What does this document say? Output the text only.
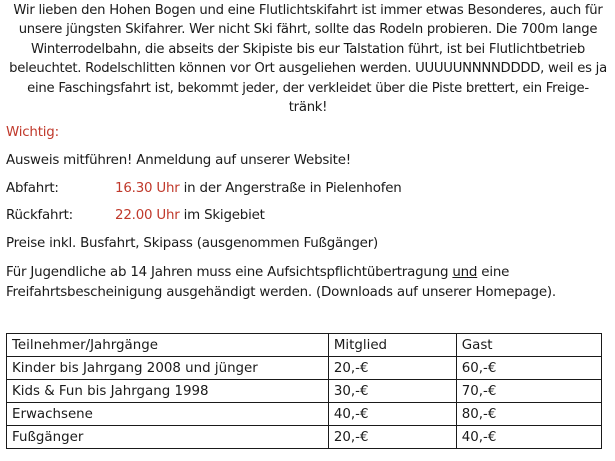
Wir lieben den Hohen Bogen und eine Flutlichtskifahrt ist immer etwas Besonderes, auch für
unsere jüngsten Skifahrer. Wer nicht Ski fährt, sollte das Rodeln probieren. Die 700m lange
Winterrodelbahn, die abseits der Skipiste bis eur Talstation führt, ist bei Flutlichtbetrieb
beleuchtet. Rodelschlitten können vor Ort ausgeliehen werden. UUUUUNNNNDDDD, weil es ja
eine Faschingsfahrt ist, bekommt jeder, der verkleidet über die Piste brettert, ein Freige-
tränk!
Wichtig:
Ausweis mitführen! Anmeldung auf unserer Website!
Abfahrt:	16.30 Uhr in der Angerstraße in Pielenhofen
Rückfahrt:	22.00 Uhr im Skigebiet
Preise inkl. Busfahrt, Skipass (ausgenommen Fußgänger)
Für Jugendliche ab 14 Jahren muss eine Aufsichtspflichtübertragung und eine
Freifahrtsbescheinigung ausgehändigt werden. (Downloads auf unserer Homepage).
Teilnehmer/Jahrgänge	Mitglied	Gast
Kinder bis Jahrgang 2008 und jünger	20,-€	60,-€
Kids & Fun bis Jahrgang 1998	30,-€	70,-€
Erwachsene	40,-€	80,-€
Fußgänger	20,-€	40,-€
